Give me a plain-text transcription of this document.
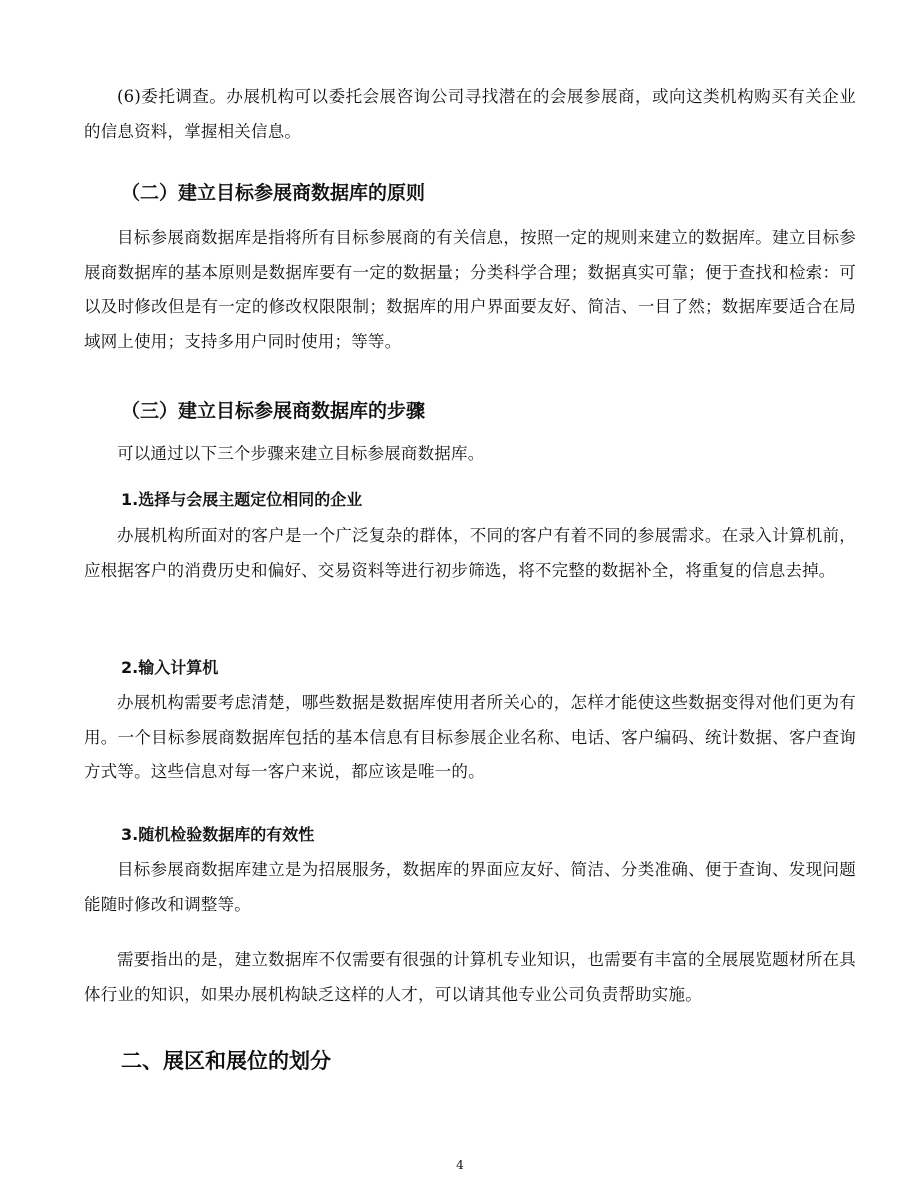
(6)委托调查。办展机构可以委托会展咨询公司寻找潜在的会展参展商，或向这类机构购买有关企业的信息资料，掌握相关信息。

（二）建立目标参展商数据库的原则

目标参展商数据库是指将所有目标参展商的有关信息，按照一定的规则来建立的数据库。建立目标参展商数据库的基本原则是数据库要有一定的数据量；分类科学合理；数据真实可靠；便于查找和检索：可以及时修改但是有一定的修改权限限制；数据库的用户界面要友好、简洁、一目了然；数据库要适合在局域网上使用；支持多用户同时使用；等等。

（三）建立目标参展商数据库的步骤

可以通过以下三个步骤来建立目标参展商数据库。

1.选择与会展主题定位相同的企业

办展机构所面对的客户是一个广泛复杂的群体，不同的客户有着不同的参展需求。在录入计算机前，应根据客户的消费历史和偏好、交易资料等进行初步筛选，将不完整的数据补全，将重复的信息去掉。

2.输入计算机

办展机构需要考虑清楚，哪些数据是数据库使用者所关心的，怎样才能使这些数据变得对他们更为有用。一个目标参展商数据库包括的基本信息有目标参展企业名称、电话、客户编码、统计数据、客户查询方式等。这些信息对每一客户来说，都应该是唯一的。

3.随机检验数据库的有效性

目标参展商数据库建立是为招展服务，数据库的界面应友好、简洁、分类准确、便于查询、发现问题能随时修改和调整等。

需要指出的是，建立数据库不仅需要有很强的计算机专业知识，也需要有丰富的全展展览题材所在具体行业的知识，如果办展机构缺乏这样的人才，可以请其他专业公司负责帮助实施。

二、展区和展位的划分
4
